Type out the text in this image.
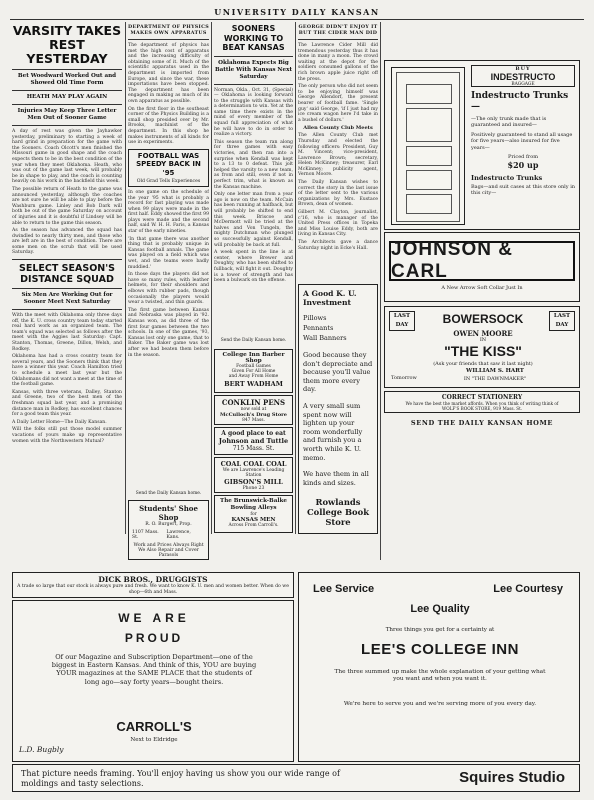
UNIVERSITY DAILY KANSAN
VARSITY TAKES REST YESTERDAY
Bet Woodward Worked Out and Showed Old Time Form
HEATH MAY PLAY AGAIN
Injuries May Keep Three Letter Men Out of Sooner Game

A day of rest was given the Jayhawker yesterday, preliminary to starting a week of hard grind in preparation for the game with the Sooners. Coach Olcott's men finished the Missouri game in good shape and the coach expects them to be in the best condition of the year when they meet Oklahoma. Heath, who was out of the game last week, will probably be in shape to play, and the coach is counting heavily on his work in the backfield this week.

The possible return of Heath to the game was announced yesterday, although the coaches are not sure he will be able to play before the Washburn game. Linley and Bob Dark will both be out of the game Saturday on account of injuries and it is doubtful if Lindsey will be able to return to the game this season.

As the season has advanced the squad has dwindled to nearly thirty men, and those who are left are in the best of condition. There are some men on the scrub that will be used Saturday.

SELECT SEASON'S DISTANCE SQUAD
Six Men Are Working Out for Sooner Meet Next Saturday

With the meet with Oklahoma only three days off, the K. U. cross country team today started real hard work as an organized team. The team's squad was selected as follows after the meet with the Aggies last Saturday: Capt. Stanton, Thomas, Greene, Dillon, Welsh, and Rodkey.

Oklahoma has had a cross country team for several years, and the Sooners think that they have a winner this year. Coach Hamilton tried to schedule a meet last year but the Oklahomans did not want a meet at the time of the football game.

Kansas, with three veterans, Dalley, Stanton and Greene, two of the best men of the freshman squad last year, and a promising distance man in Rodkey, has excellent chances for a good team this year.

A Daily Letter Home—The Daily Kansan.

Will the folks still put those model summer vacations of yours make up representative women with the Northwestern Mutual?

DEPARTMENT OF PHYSICS MAKES OWN APPARATUS

The department of physics has met the high cost of apparatus and the increasing difficulty of obtaining some of it. Much of the scientific apparatus used in the department is imported from Europe, and since the war, these importations have been stopped. The department has been engaged in making as much of its own apparatus as possible.

On the first floor in the southeast corner of the Physics Building is a small shop presided over by Mr. Brooks, machinist of the department. In this shop he makes instruments of all kinds for use in experiments.

FOOTBALL WAS SPEEDY BACK IN '95
Old Grad Tells Experiences

In one game on the schedule of the year '95 what is probably a record for fast playing was made when 99 plays were made in the first half. Eddy showed the first 99 plays were made and the second half, said W. H. H. Faris, a Kansas star of the early nineties.

'In that game there was another thing that is probably unique in Kansas football annals. The game was played on a field which was wet, and the teams were badly muddied.'

In those days the players did not have so many rules, with leather helmets, for their shoulders and elbows with rubber pads, though occasionally the players would wear a twisted, and thin guards.

The first game between Kansas and Nebraska was played in '92. Kansas won, as did three of the first four games between the two schools. In one of the games, '93, Kansas lost only one game, that to Baker. The Baker game was lost after we had beaten them before in the season.

Send the Daily Kansan home.
Students' Shoe Shop
R. O. Burgert, Prop.
1107 Mass. St.
Lawrence, Kans.
Work and Prices Always Right
We Also Repair and Cover Parasols
SOONERS WORKING TO BEAT KANSAS
Oklahoma Expects Big Battle With Kansas Next Saturday

Norman, Okla., Oct. 31, (Special)— Oklahoma is looking forward to the struggle with Kansas with a determination to win. Yet at the same time there exists in the mind of every member of the squad full appreciation of what he will have to do in order to realize a victory.

This season the team ran along for three games with easy victories, and then ran into a surprise when Kendall was kept to a 13 to 0 defeat. This jolt helped the varsity to a new team, as from and still, even if not in perfect trim, what is known as the Kansas machine.

Only one letter man from a year ago is now on the team. McCain has been running at halfback, but will probably be shifted to end this week. Briscoe and McDermott will be tried at the halves and Von Tungeln, the mighty Dutchman who plunged so successfully against Kendall, will probably be back at full.

A week spent in the line is at center, where Brewer and Doughty, who has been shifted to fullback, will fight it out. Doughty is a tower of strength and has been a bulwark on the offense.

Send the Daily Kansan home.
College Inn Barber Shop
Football Games
Given For All Home
and Away From Home
BERT WADHAM
CONKLIN PENS
now sold at
McCulloch's Drug Store
847 Mass.
A good place to eat
Johnson and Tuttle
715 Mass. St.
COAL COAL COAL
We are Lawrence's Leading Station
GIBSON'S MILL
Phone 23
The Brunswick-Balke Bowling Alleys
for
KANSAS MEN
Across From Carroll's.
GEORGE DIDN'T ENJOY IT BUT THE CIDER MAN DID

The Lawrence Cider Mill did tremendous yesterday thus it has done in many a moon. The crowd waiting at the depot for the soldiers consumed gallons of the rich brown apple juice right off the press.

The only person who did not seem to be enjoying himself was George Allendorf, the present bearer of football fame. 'Single guy' said George, 'if I just had my ice cream wagon here I'd take in a bushel of dollars.'

Allen County Club Meets

The Allen County Club met Thursday and elected the following officers: President, Guy M. Vincent; vice-president, Lawrence Brown; secretary, Helen McKinney; treasurer, Earl McKinney; publicity agent, Vernon Moore.

The Daily Kansan wishes to correct the story in the last issue of the letter sent to the various organizations by Mrs. Eustace Brown, dean of women.

Gilbert M. Clayton, journalist, c'16, who is manager of the United Press offices in Topeka and Miss Louise Eddy, both are living in Kansas City.

The Architects gave a dance Saturday night in Ecke's Hall.

A Good K. U. Investment
Pillows
Pennants
Wall Banners
Good because they don't depreciate and because you'll value them more every day.
A very small sum spent now will lighten up your room wonderfully and furnish you a worth while K. U. memo.
We have them in all kinds and sizes.
Rowlands College Book Store
BUY
INDESTRUCTO
BAGGAGE
Indestructo Trunks—
—The only trunk made that is guaranteed and insured—
Positively guaranteed to stand all usage for five years—also insured for five years—
Priced from
$20 up
Indestructo Trunks
Bags—and suit cases at this store only in this city—
JOHNSON & CARL
A New Arrow Soft Collar Just In
LAST DAY	BOWERSOCK	LAST DAY
OWEN MOORE
IN
"THE KISS"
(Ask your friends that saw it last night)
Tomorrow
WILLIAM S. HART
IN "THE DAWNMAKER"
CORRECT STATIONERY
We have the best the market affords. When you think of writing think of
WOLF'S BOOK STORE, 919 Mass. St.
SEND THE DAILY KANSAN HOME
DICK BROS., DRUGGISTS
A trade so large that our stock is always pure and fresh. We want to know K. U. men and women better. When do we shop—6th and Mass.
WE ARE
PROUD
Of our Magazine and Subscription Department—one of the biggest in Eastern Kansas. And think of this, YOU are buying YOUR magazines at the SAME PLACE that the students of long ago—say forty years—bought theirs.
CARROLL'S
Next to Eldridge
L.D. Bugbly
Lee Service	Lee Courtesy
Lee Quality
Three things you get for a certainty at
LEE'S COLLEGE INN
The three summed up make the whole explanation of your getting what you want and when you want it.
We're here to serve you and we're serving more of you every day.
That picture needs framing. You'll enjoy having us show you our wide range of moldings and tasty selections.	Squires Studio
